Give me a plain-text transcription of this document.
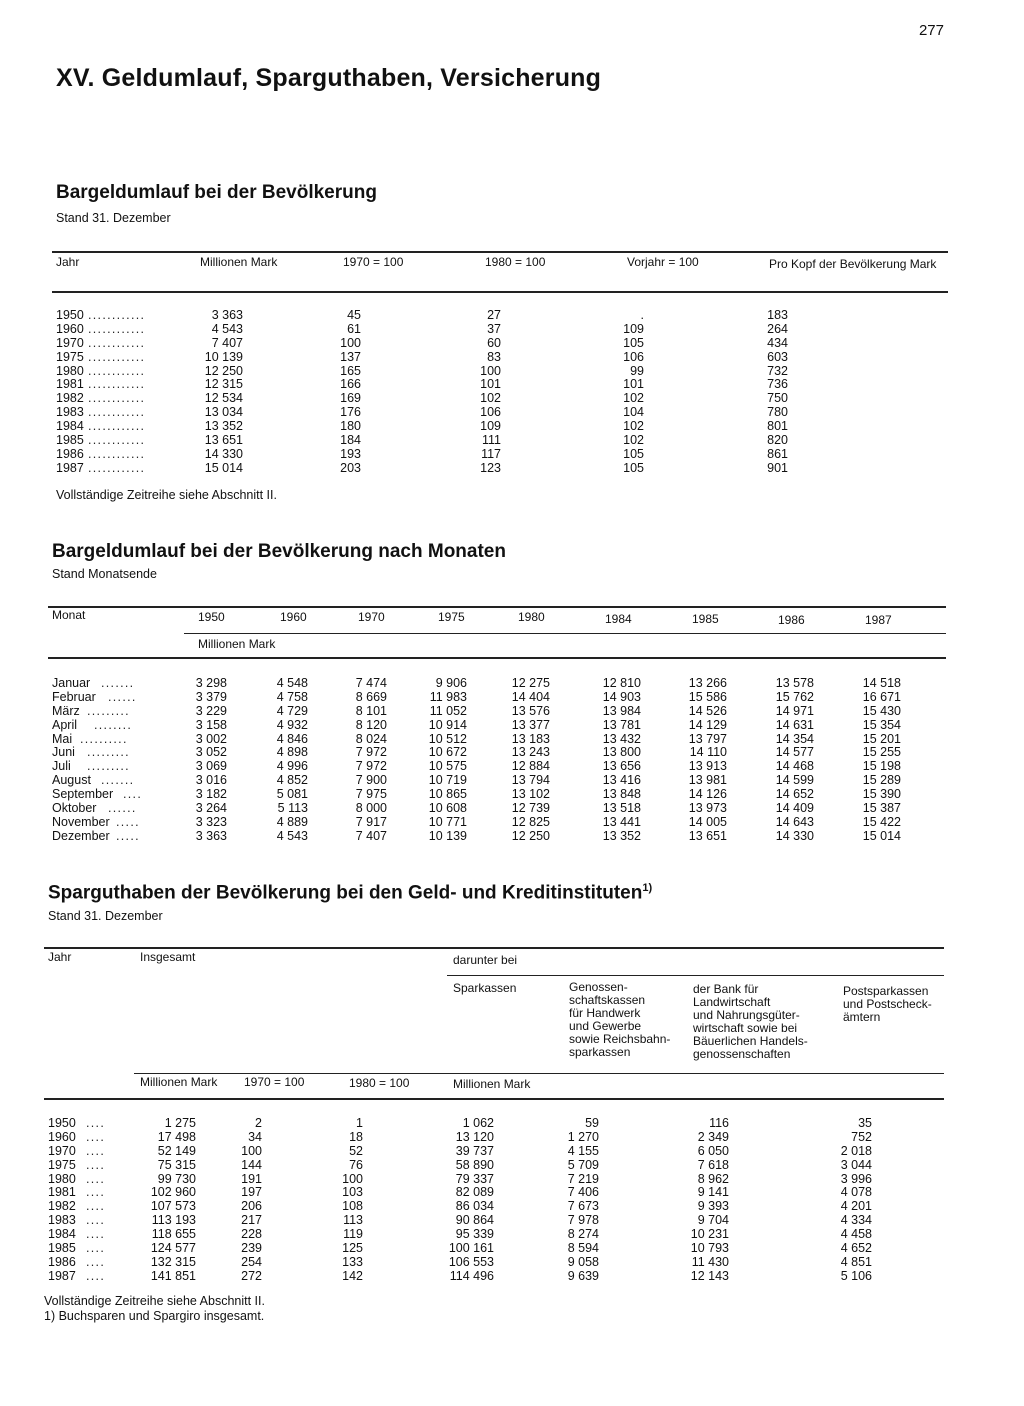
277
XV. Geldumlauf, Sparguthaben, Versicherung
Bargeldumlauf bei der Bevölkerung
Stand 31. Dezember
Jahr	Millionen Mark	1970 = 100	1980 = 100	Vorjahr = 100	Pro Kopf der Bevölkerung Mark
1950 ............	3 363	45	27	.	183
1960 ............	4 543	61	37	109	264
1970 ............	7 407	100	60	105	434
1975 ............	10 139	137	83	106	603
1980 ............	12 250	165	100	99	732
1981 ............	12 315	166	101	101	736
1982 ............	12 534	169	102	102	750
1983 ............	13 034	176	106	104	780
1984 ............	13 352	180	109	102	801
1985 ............	13 651	184	111	102	820
1986 ............	14 330	193	117	105	861
1987 ............	15 014	203	123	105	901
Vollständige Zeitreihe siehe Abschnitt II.
Bargeldumlauf bei der Bevölkerung nach Monaten
Stand Monatsende
Monat	1950	1960	1970	1975	1980	1984	1985	1986	1987
Millionen Mark
Januar .......	3 298	4 548	7 474	9 906	12 275	12 810	13 266	13 578	14 518
Februar ......	3 379	4 758	8 669	11 983	14 404	14 903	15 586	15 762	16 671
März .........	3 229	4 729	8 101	11 052	13 576	13 984	14 526	14 971	15 430
April ........	3 158	4 932	8 120	10 914	13 377	13 781	14 129	14 631	15 354
Mai ..........	3 002	4 846	8 024	10 512	13 183	13 432	13 797	14 354	15 201
Juni .........	3 052	4 898	7 972	10 672	13 243	13 800	14 110	14 577	15 255
Juli .........	3 069	4 996	7 972	10 575	12 884	13 656	13 913	14 468	15 198
August .......	3 016	4 852	7 900	10 719	13 794	13 416	13 981	14 599	15 289
September ....	3 182	5 081	7 975	10 865	13 102	13 848	14 126	14 652	15 390
Oktober ......	3 264	5 113	8 000	10 608	12 739	13 518	13 973	14 409	15 387
November .....	3 323	4 889	7 917	10 771	12 825	13 441	14 005	14 643	15 422
Dezember .....	3 363	4 543	7 407	10 139	12 250	13 352	13 651	14 330	15 014
Sparguthaben der Bevölkerung bei den Geld- und Kreditinstituten$^{1)}$
Stand 31. Dezember
Jahr	Insgesamt	darunter bei
Sparkassen	Genossen-
schaftskassen
für Handwerk
und Gewerbe
sowie Reichsbahn-
sparkassen
der Bank für
Landwirtschaft
und Nahrungsgüter-
wirtschaft sowie bei
Bäuerlichen Handels-
genossenschaften
Postsparkassen
und Postscheck-
ämtern
Millionen Mark 1970 = 100	1980 = 100	Millionen Mark
1950 ....	1 275	2	1	1 062	59	116	35
1960 ....	17 498	34	18	13 120	1 270	2 349	752
1970 ....	52 149	100	52	39 737	4 155	6 050	2 018
1975 ....	75 315	144	76	58 890	5 709	7 618	3 044
1980 ....	99 730	191	100	79 337	7 219	8 962	3 996
1981 ....	102 960	197	103	82 089	7 406	9 141	4 078
1982 ....	107 573	206	108	86 034	7 673	9 393	4 201
1983 ....	113 193	217	113	90 864	7 978	9 704	4 334
1984 ....	118 655	228	119	95 339	8 274	10 231	4 458
1985 ....	124 577	239	125	100 161	8 594	10 793	4 652
1986 ....	132 315	254	133	106 553	9 058	11 430	4 851
1987 ....	141 851	272	142	114 496	9 639	12 143	5 106
Vollständige Zeitreihe siehe Abschnitt II.
1) Buchsparen und Spargiro insgesamt.
